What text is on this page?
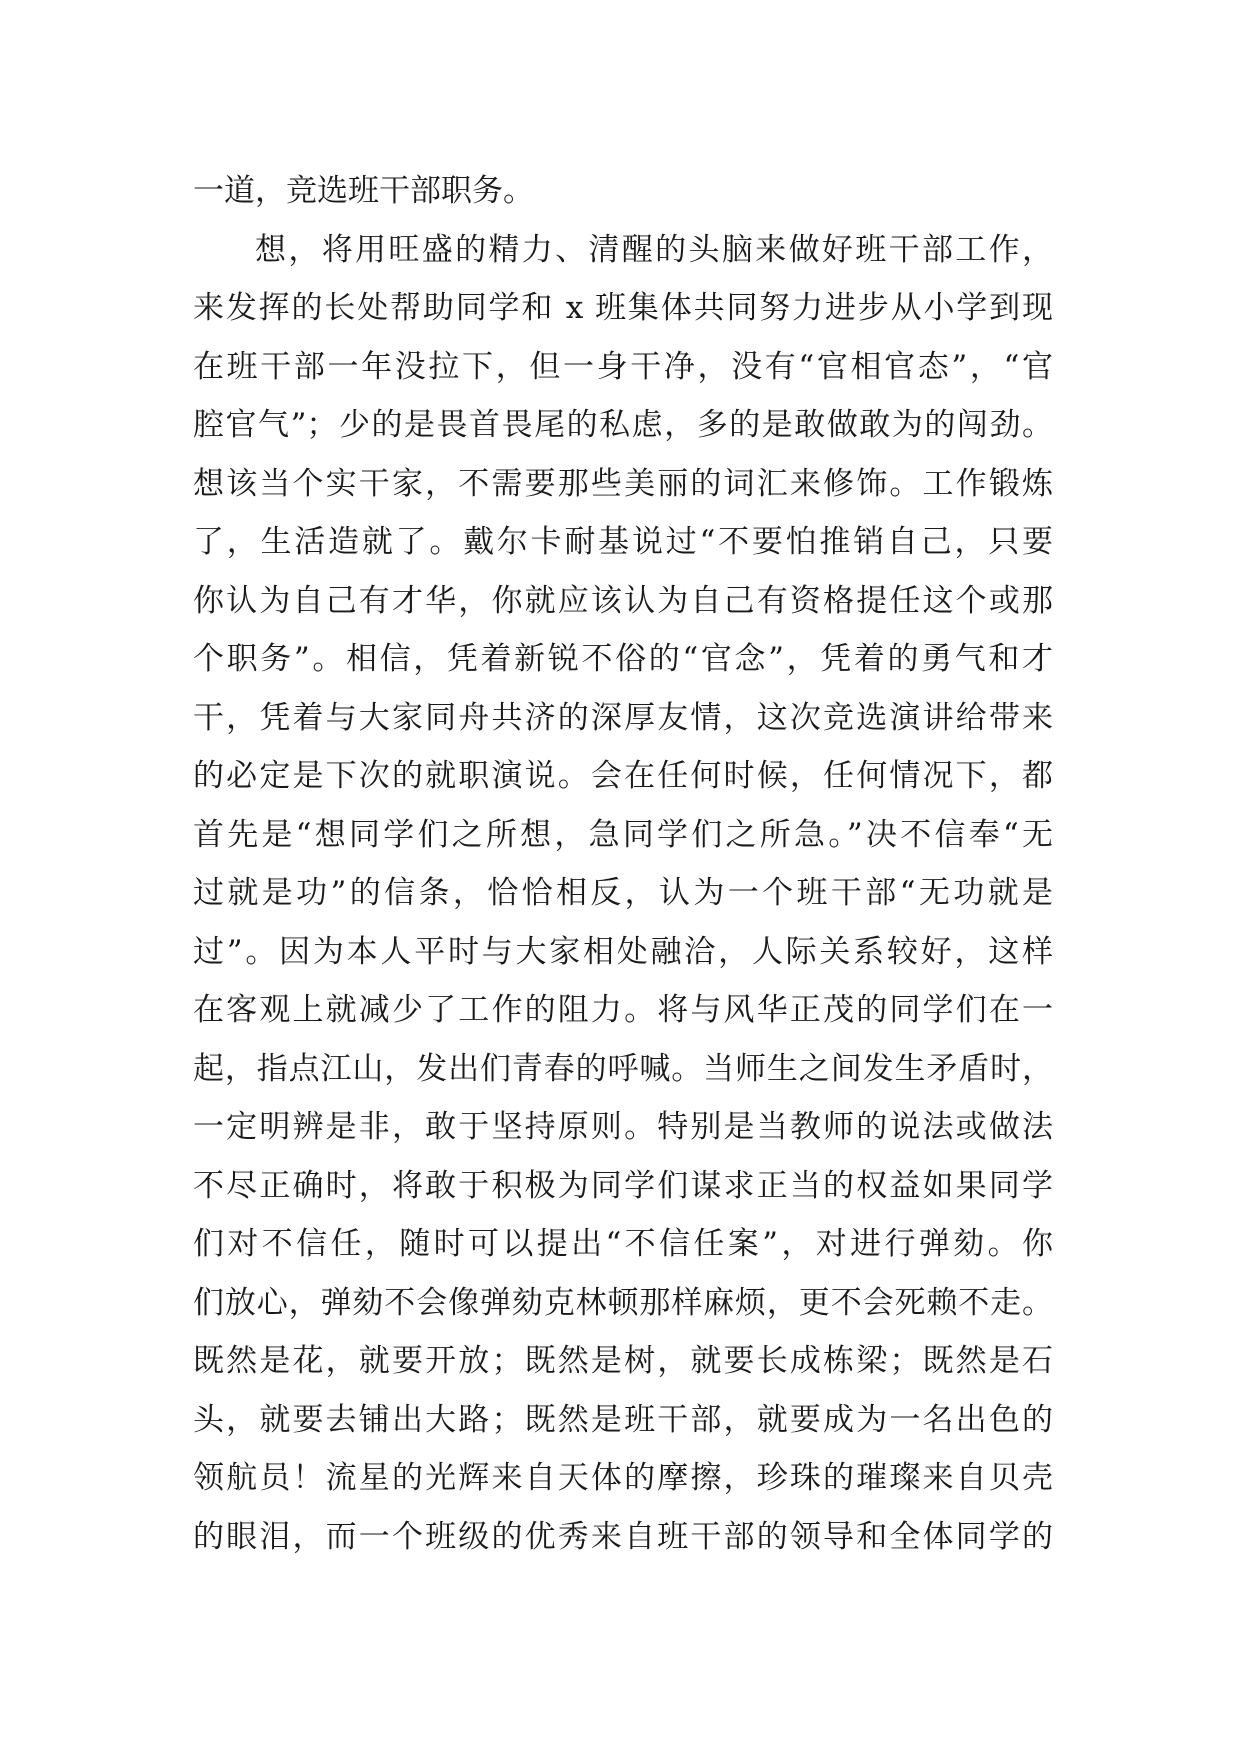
一道，竞选班干部职务。
想，将用旺盛的精力、清醒的头脑来做好班干部工作，
来发挥的长处帮助同学和 x 班集体共同努力进步从小学到现
在班干部一年没拉下，但一身干净，没有“官相官态”，“官
腔官气”；少的是畏首畏尾的私虑，多的是敢做敢为的闯劲。
想该当个实干家，不需要那些美丽的词汇来修饰。工作锻炼
了，生活造就了。戴尔卡耐基说过“不要怕推销自己，只要
你认为自己有才华，你就应该认为自己有资格提任这个或那
个职务”。相信，凭着新锐不俗的“官念”，凭着的勇气和才
干，凭着与大家同舟共济的深厚友情，这次竞选演讲给带来
的必定是下次的就职演说。会在任何时候，任何情况下，都
首先是“想同学们之所想，急同学们之所急。”决不信奉“无
过就是功”的信条，恰恰相反，认为一个班干部“无功就是
过”。因为本人平时与大家相处融洽，人际关系较好，这样
在客观上就减少了工作的阻力。将与风华正茂的同学们在一
起，指点江山，发出们青春的呼喊。当师生之间发生矛盾时，
一定明辨是非，敢于坚持原则。特别是当教师的说法或做法
不尽正确时，将敢于积极为同学们谋求正当的权益如果同学
们对不信任，随时可以提出“不信任案”，对进行弹劾。你
们放心，弹劾不会像弹劾克林顿那样麻烦，更不会死赖不走。
既然是花，就要开放；既然是树，就要长成栋梁；既然是石
头，就要去铺出大路；既然是班干部，就要成为一名出色的
领航员！流星的光辉来自天体的摩擦，珍珠的璀璨来自贝壳
的眼泪，而一个班级的优秀来自班干部的领导和全体同学的
